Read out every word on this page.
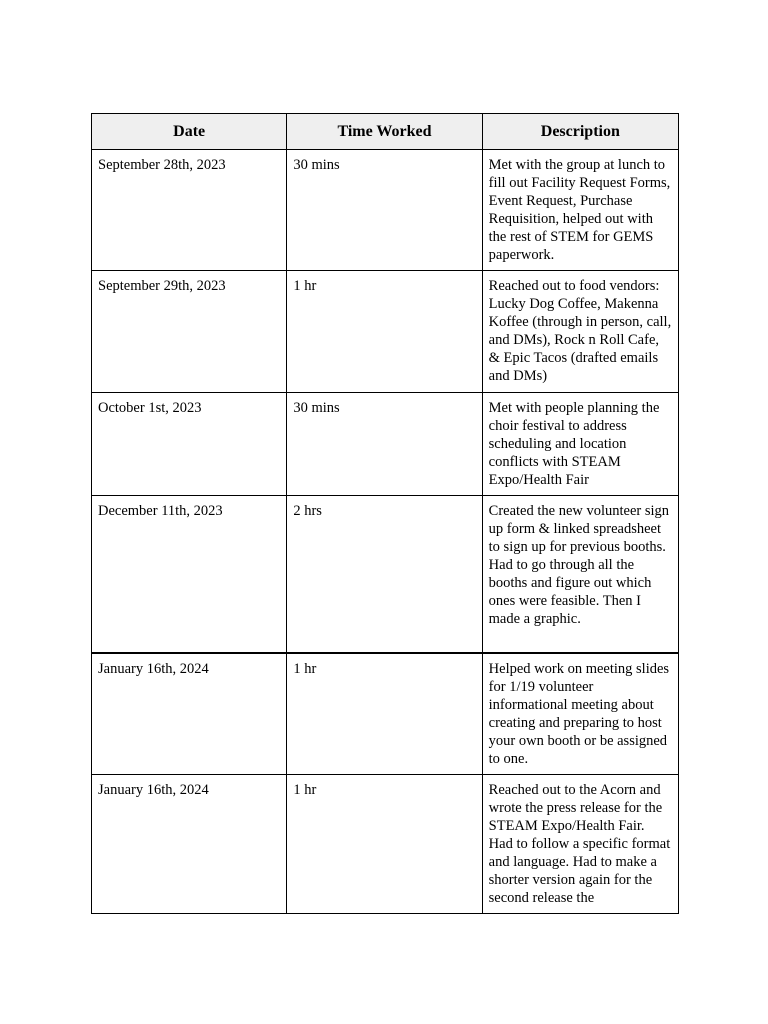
Date	Time Worked	Description
September 28th, 2023	30 mins	Met with the group at lunch to fill out Facility Request Forms, Event Request, Purchase Requisition, helped out with the rest of STEM for GEMS paperwork.
September 29th, 2023	1 hr	Reached out to food vendors: Lucky Dog Coffee, Makenna Koffee (through in person, call, and DMs), Rock n Roll Cafe, & Epic Tacos (drafted emails and DMs)
October 1st, 2023	30 mins	Met with people planning the choir festival to address scheduling and location conflicts with STEAM Expo/Health Fair
December 11th, 2023	2 hrs	Created the new volunteer sign up form & linked spreadsheet to sign up for previous booths. Had to go through all the booths and figure out which ones were feasible. Then I made a graphic.
January 16th, 2024	1 hr	Helped work on meeting slides for 1/19 volunteer informational meeting about creating and preparing to host your own booth or be assigned to one.
January 16th, 2024	1 hr	Reached out to the Acorn and wrote the press release for the STEAM Expo/Health Fair. Had to follow a specific format and language. Had to make a shorter version again for the second release the
